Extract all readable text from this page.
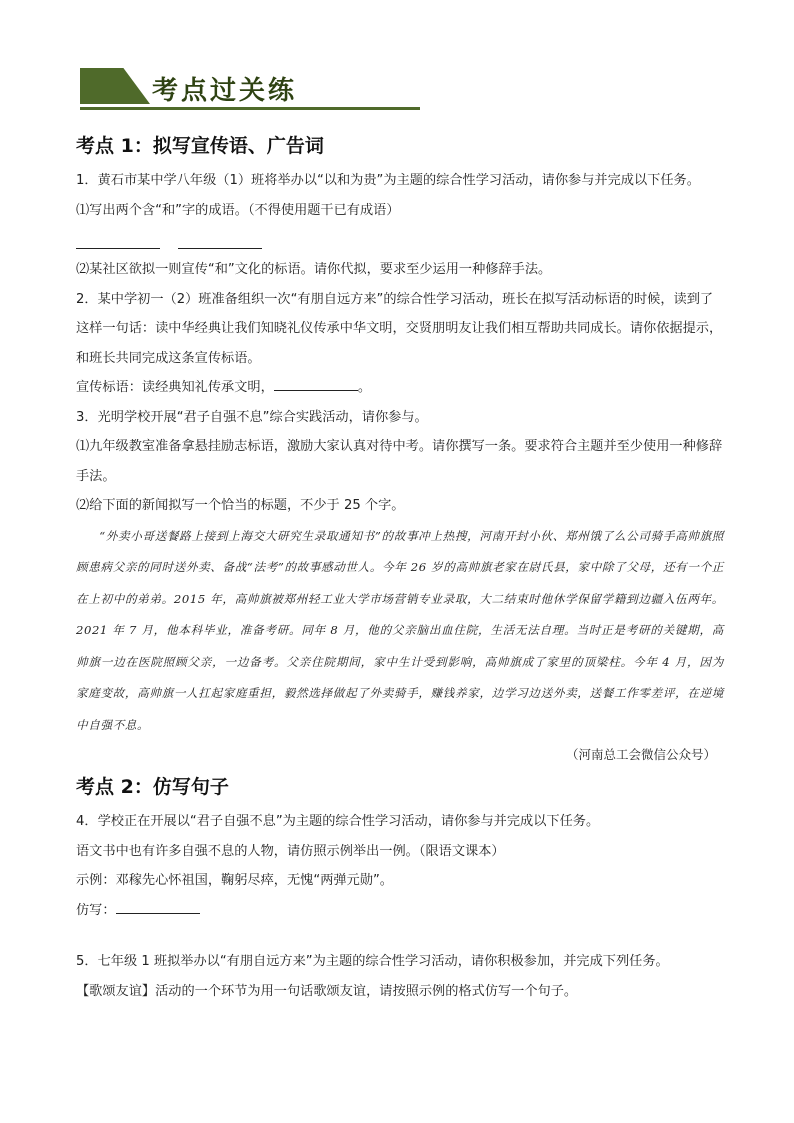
考点过关练
考点 1：拟写宣传语、广告词

1．黄石市某中学八年级（1）班将举办以“以和为贵”为主题的综合性学习活动，请你参与并完成以下任务。

⑴写出两个含“和”字的成语。（不得使用题干已有成语）

⑵某社区欲拟一则宣传“和”文化的标语。请你代拟，要求至少运用一种修辞手法。

2．某中学初一（2）班准备组织一次“有朋自远方来”的综合性学习活动，班长在拟写活动标语的时候，读到了这样一句话：读中华经典让我们知晓礼仪传承中华文明，交贤朋明友让我们相互帮助共同成长。请你依据提示，和班长共同完成这条宣传标语。

宣传标语：读经典知礼传承文明，	。

3．光明学校开展“君子自强不息”综合实践活动，请你参与。

⑴九年级教室准备拿悬挂励志标语，激励大家认真对待中考。请你撰写一条。要求符合主题并至少使用一种修辞手法。

⑵给下面的新闻拟写一个恰当的标题，不少于 25 个字。

“外卖小哥送餐路上接到上海交大研究生录取通知书”的故事冲上热搜，河南开封小伙、郑州饿了么公司骑手高帅旗照顾患病父亲的同时送外卖、备战“法考”的故事感动世人。今年 26 岁的高帅旗老家在尉氏县，家中除了父母，还有一个正在上初中的弟弟。2015 年，高帅旗被郑州轻工业大学市场营销专业录取，大二结束时他休学保留学籍到边疆入伍两年。2021 年 7 月，他本科毕业，准备考研。同年 8 月，他的父亲脑出血住院，生活无法自理。当时正是考研的关键期，高帅旗一边在医院照顾父亲，一边备考。父亲住院期间，家中生计受到影响，高帅旗成了家里的顶梁柱。今年 4 月，因为家庭变故，高帅旗一人扛起家庭重担，毅然选择做起了外卖骑手，赚钱养家，边学习边送外卖，送餐工作零差评，在逆境中自强不息。

（河南总工会微信公众号）

考点 2：仿写句子

4．学校正在开展以“君子自强不息”为主题的综合性学习活动，请你参与并完成以下任务。

语文书中也有许多自强不息的人物，请仿照示例举出一例。（限语文课本）

示例：邓稼先心怀祖国，鞠躬尽瘁，无愧“两弹元勋”。

仿写：

5．七年级 1 班拟举办以“有朋自远方来”为主题的综合性学习活动，请你积极参加，并完成下列任务。

【歌颂友谊】活动的一个环节为用一句话歌颂友谊，请按照示例的格式仿写一个句子。
